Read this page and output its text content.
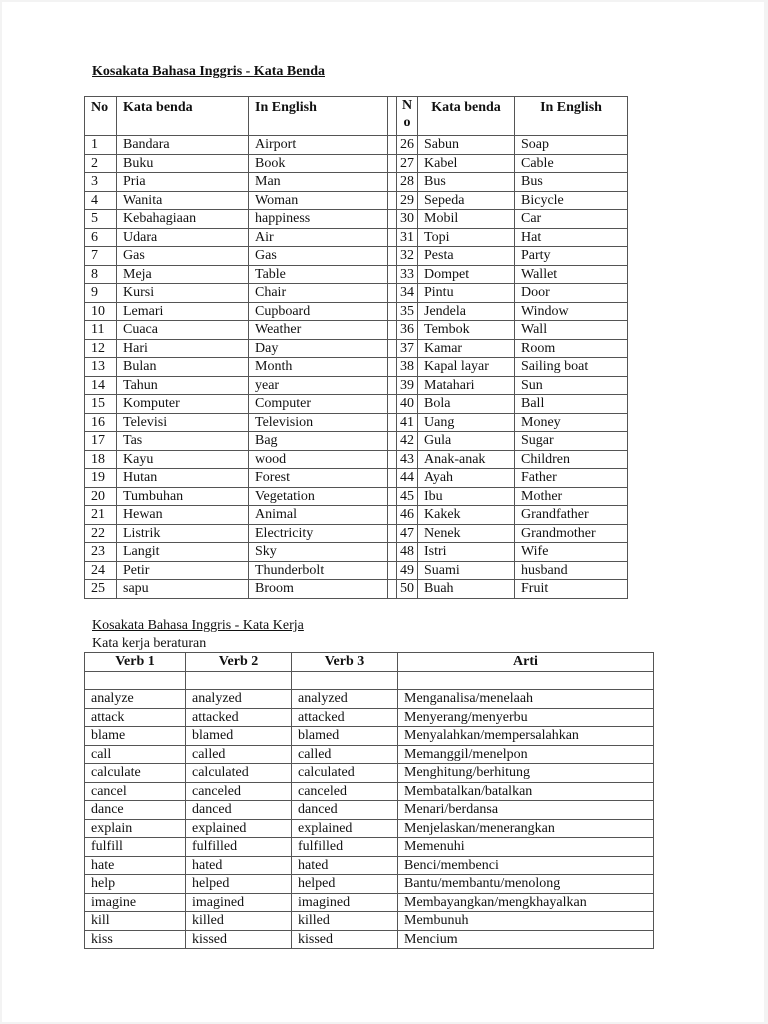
Kosakata Bahasa Inggris - Kata Benda
No	Kata benda	In English		N o	Kata benda	In English
1	Bandara	Airport		26	Sabun	Soap
2	Buku	Book		27	Kabel	Cable
3	Pria	Man		28	Bus	Bus
4	Wanita	Woman		29	Sepeda	Bicycle
5	Kebahagiaan	happiness		30	Mobil	Car
6	Udara	Air		31	Topi	Hat
7	Gas	Gas		32	Pesta	Party
8	Meja	Table		33	Dompet	Wallet
9	Kursi	Chair		34	Pintu	Door
10	Lemari	Cupboard		35	Jendela	Window
11	Cuaca	Weather		36	Tembok	Wall
12	Hari	Day		37	Kamar	Room
13	Bulan	Month		38	Kapal layar	Sailing boat
14	Tahun	year		39	Matahari	Sun
15	Komputer	Computer		40	Bola	Ball
16	Televisi	Television		41	Uang	Money
17	Tas	Bag		42	Gula	Sugar
18	Kayu	wood		43	Anak-anak	Children
19	Hutan	Forest		44	Ayah	Father
20	Tumbuhan	Vegetation		45	Ibu	Mother
21	Hewan	Animal		46	Kakek	Grandfather
22	Listrik	Electricity		47	Nenek	Grandmother
23	Langit	Sky		48	Istri	Wife
24	Petir	Thunderbolt		49	Suami	husband
25	sapu	Broom		50	Buah	Fruit
Kosakata Bahasa Inggris - Kata Kerja
Kata kerja beraturan
Verb 1	Verb 2	Verb 3	Arti

analyze	analyzed	analyzed	Menganalisa/menelaah
attack	attacked	attacked	Menyerang/menyerbu
blame	blamed	blamed	Menyalahkan/mempersalahkan
call	called	called	Memanggil/menelpon
calculate	calculated	calculated	Menghitung/berhitung
cancel	canceled	canceled	Membatalkan/batalkan
dance	danced	danced	Menari/berdansa
explain	explained	explained	Menjelaskan/menerangkan
fulfill	fulfilled	fulfilled	Memenuhi
hate	hated	hated	Benci/membenci
help	helped	helped	Bantu/membantu/menolong
imagine	imagined	imagined	Membayangkan/mengkhayalkan
kill	killed	killed	Membunuh
kiss	kissed	kissed	Mencium
